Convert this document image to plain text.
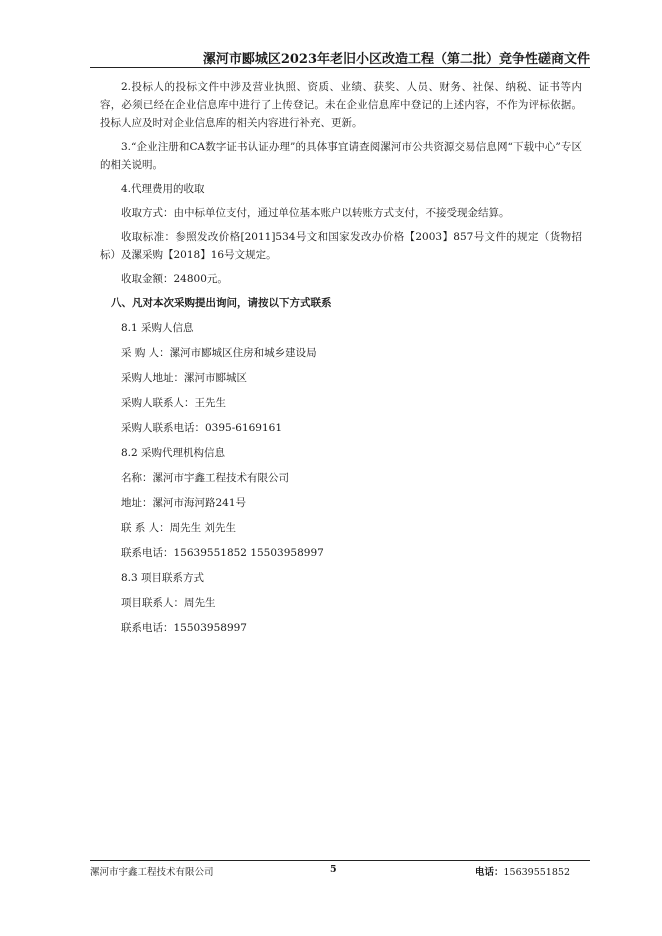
漯河市郾城区2023年老旧小区改造工程（第二批）竞争性磋商文件

2.投标人的投标文件中涉及营业执照、资质、业绩、获奖、人员、财务、社保、纳税、证书等内容，必须已经在企业信息库中进行了上传登记。未在企业信息库中登记的上述内容，不作为评标依据。投标人应及时对企业信息库的相关内容进行补充、更新。

3.“企业注册和CA数字证书认证办理”的具体事宜请查阅漯河市公共资源交易信息网“下载中心”专区的相关说明。

4.代理费用的收取

收取方式：由中标单位支付，通过单位基本账户以转账方式支付，不接受现金结算。

收取标准：参照发改价格[2011]534号文和国家发改办价格【2003】857号文件的规定（货物招标）及漯采购【2018】16号文规定。

收取金额：24800元。

八、凡对本次采购提出询问，请按以下方式联系
8.1 采购人信息
采 购 人：漯河市郾城区住房和城乡建设局
采购人地址：漯河市郾城区
采购人联系人：王先生
采购人联系电话：0395-6169161
8.2 采购代理机构信息
名称：漯河市宇鑫工程技术有限公司
地址：漯河市海河路241号
联 系 人：周先生 刘先生
联系电话：15639551852 15503958997
8.3 项目联系方式
项目联系人：周先生
联系电话：15503958997
漯河市宇鑫工程技术有限公司	5	电话：15639551852
